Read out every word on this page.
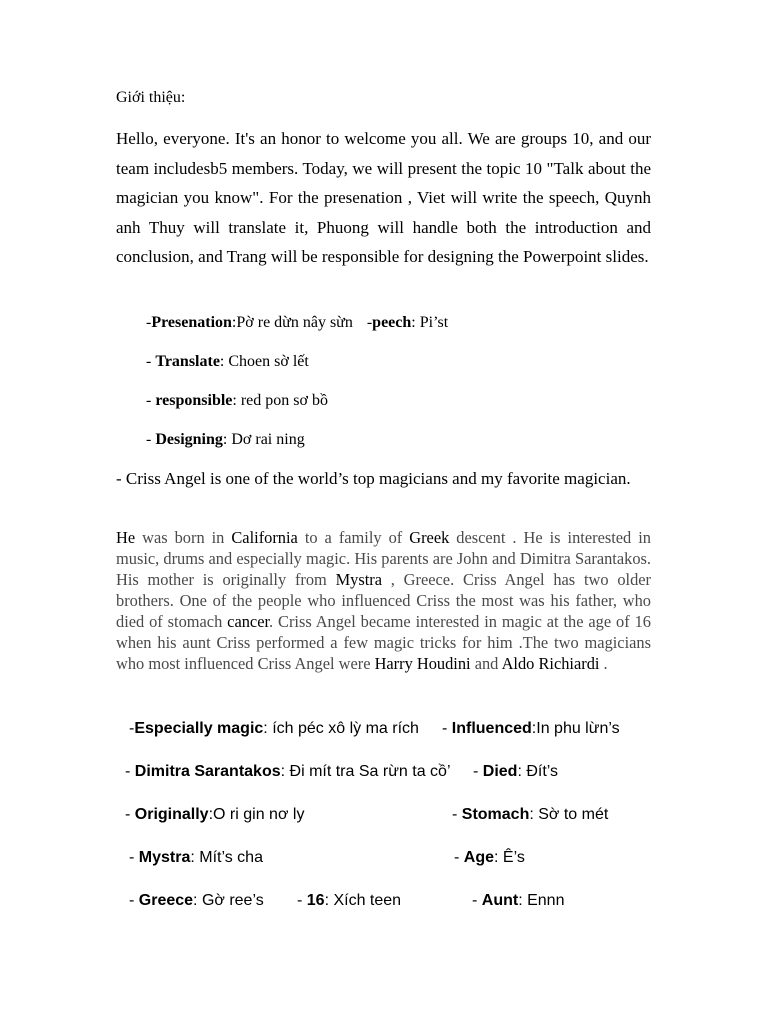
Giới thiệu:
Hello, everyone. It's an honor to welcome you all. We are groups 10, and our team includesb5 members. Today, we will present the topic 10 "Talk about the magician you know". For the presenation , Viet will write the speech, Quynh anh Thuy will translate it, Phuong will handle both the introduction and conclusion, and Trang will be responsible for designing the Powerpoint slides.
-Presenation:Pờ re dừn nây sừn -peech: Pi’st
- Translate: Choen sờ lết
- responsible: red pon sơ bồ
- Designing: Dơ rai ning
- Criss Angel is one of the world’s top magicians and my favorite magician.
He was born in California to a family of Greek descent . He is interested in music, drums and especially magic. His parents are John and Dimitra Sarantakos. His mother is originally from Mystra , Greece. Criss Angel has two older brothers. One of the people who influenced Criss the most was his father, who died of stomach cancer. Criss Angel became interested in magic at the age of 16 when his aunt Criss performed a few magic tricks for him .The two magicians who most influenced Criss Angel were Harry Houdini and Aldo Richiardi .
-Especially magic: ích péc xô lỳ ma rích - Influenced:In phu lừn’s
- Dimitra Sarantakos: Đi mít tra Sa rừn ta cồ’ - Died: Đít’s
- Originally:O ri gin nơ ly	- Stomach: Sờ to mét
- Mystra: Mít’s cha	- Age: Ê’s
- Greece: Gờ ree’s - 16: Xích teen	- Aunt: Ennn
